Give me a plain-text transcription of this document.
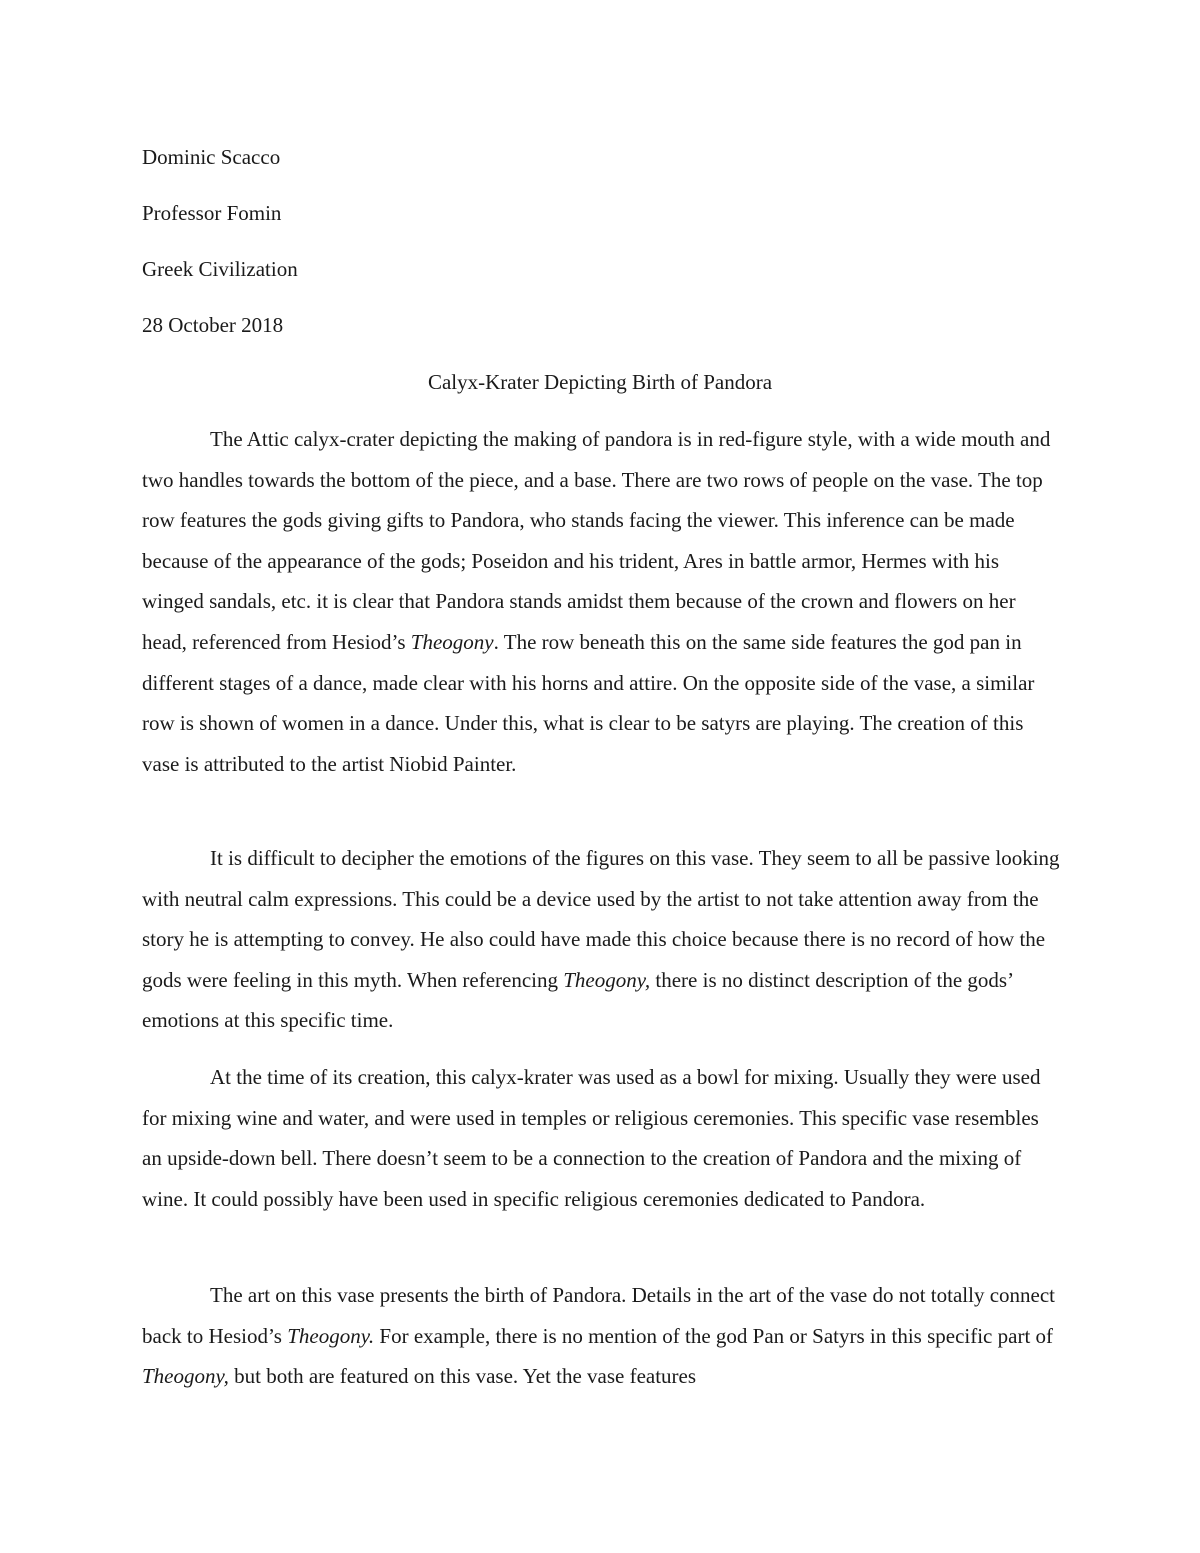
Dominic Scacco
Professor Fomin
Greek Civilization
28 October 2018
Calyx-Krater Depicting Birth of Pandora

The Attic calyx-crater depicting the making of pandora is in red-figure style, with a wide mouth and two handles towards the bottom of the piece, and a base. There are two rows of people on the vase. The top row features the gods giving gifts to Pandora, who stands facing the viewer. This inference can be made because of the appearance of the gods; Poseidon and his trident, Ares in battle armor, Hermes with his winged sandals, etc. it is clear that Pandora stands amidst them because of the crown and flowers on her head, referenced from Hesiod’s Theogony. The row beneath this on the same side features the god pan in different stages of a dance, made clear with his horns and attire. On the opposite side of the vase, a similar row is shown of women in a dance. Under this, what is clear to be satyrs are playing. The creation of this vase is attributed to the artist Niobid Painter.

It is difficult to decipher the emotions of the figures on this vase. They seem to all be passive looking with neutral calm expressions. This could be a device used by the artist to not take attention away from the story he is attempting to convey. He also could have made this choice because there is no record of how the gods were feeling in this myth. When referencing Theogony, there is no distinct description of the gods’ emotions at this specific time.

At the time of its creation, this calyx-krater was used as a bowl for mixing. Usually they were used for mixing wine and water, and were used in temples or religious ceremonies. This specific vase resembles an upside-down bell. There doesn’t seem to be a connection to the creation of Pandora and the mixing of wine. It could possibly have been used in specific religious ceremonies dedicated to Pandora.

The art on this vase presents the birth of Pandora. Details in the art of the vase do not totally connect back to Hesiod’s Theogony. For example, there is no mention of the god Pan or Satyrs in this specific part of Theogony, but both are featured on this vase. Yet the vase features
